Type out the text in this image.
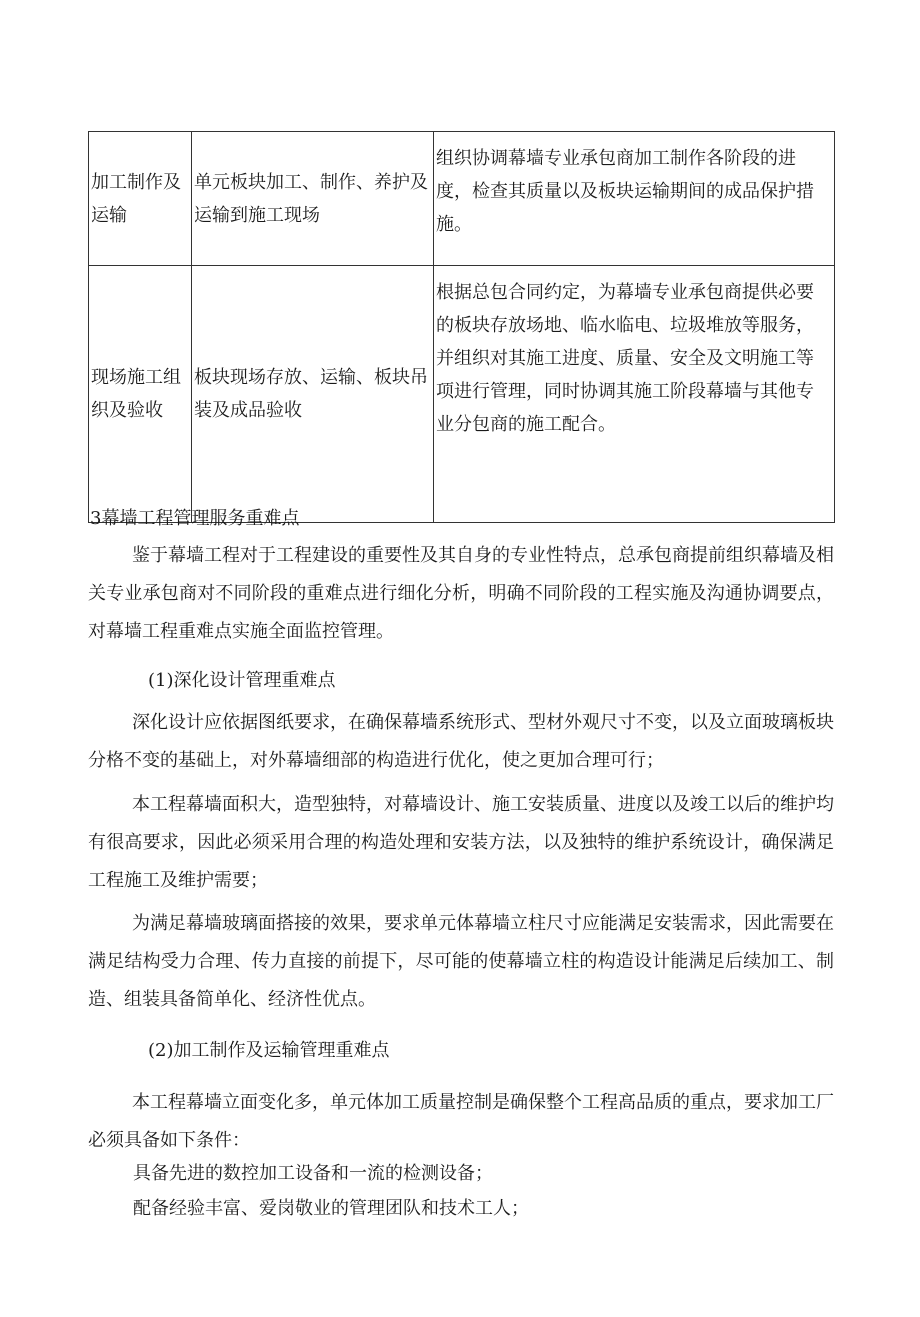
加工制作及运输	单元板块加工、制作、养护及运输到施工现场	组织协调幕墙专业承包商加工制作各阶段的进度，检查其质量以及板块运输期间的成品保护措施。
现场施工组织及验收	板块现场存放、运输、板块吊装及成品验收	根据总包合同约定，为幕墙专业承包商提供必要的板块存放场地、临水临电、垃圾堆放等服务，并组织对其施工进度、质量、安全及文明施工等项进行管理，同时协调其施工阶段幕墙与其他专业分包商的施工配合。
3幕墙工程管理服务重难点
鉴于幕墙工程对于工程建设的重要性及其自身的专业性特点，总承包商提前组织幕墙及相关专业承包商对不同阶段的重难点进行细化分析，明确不同阶段的工程实施及沟通协调要点，对幕墙工程重难点实施全面监控管理。
(1)深化设计管理重难点
深化设计应依据图纸要求，在确保幕墙系统形式、型材外观尺寸不变，以及立面玻璃板块分格不变的基础上，对外幕墙细部的构造进行优化，使之更加合理可行；
本工程幕墙面积大，造型独特，对幕墙设计、施工安装质量、进度以及竣工以后的维护均有很高要求，因此必须采用合理的构造处理和安装方法，以及独特的维护系统设计，确保满足工程施工及维护需要；
为满足幕墙玻璃面搭接的效果，要求单元体幕墙立柱尺寸应能满足安装需求，因此需要在满足结构受力合理、传力直接的前提下，尽可能的使幕墙立柱的构造设计能满足后续加工、制造、组装具备简单化、经济性优点。
(2)加工制作及运输管理重难点
本工程幕墙立面变化多，单元体加工质量控制是确保整个工程高品质的重点，要求加工厂必须具备如下条件：
具备先进的数控加工设备和一流的检测设备；
配备经验丰富、爱岗敬业的管理团队和技术工人；
